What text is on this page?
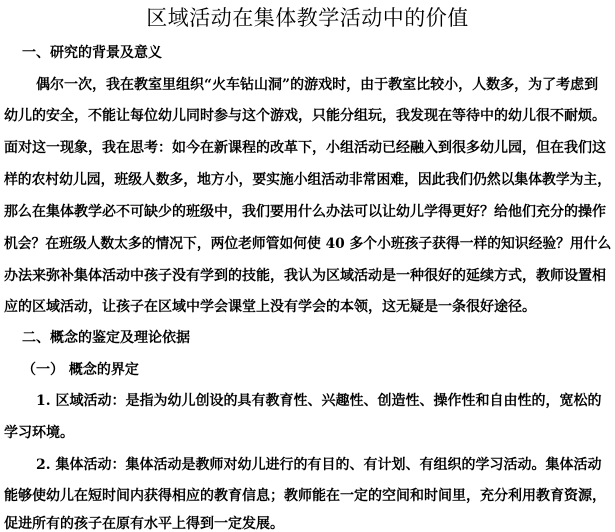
区域活动在集体教学活动中的价值
一、研究的背景及意义
偶尔一次，我在教室里组织“火车钻山洞”的游戏时，由于教室比较小，人数多，为了考虑到
幼儿的安全，不能让每位幼儿同时参与这个游戏，只能分组玩，我发现在等待中的幼儿很不耐烦。
面对这一现象，我在思考：如今在新课程的改革下，小组活动已经融入到很多幼儿园，但在我们这
样的农村幼儿园，班级人数多，地方小，要实施小组活动非常困难，因此我们仍然以集体教学为主，
那么在集体教学必不可缺少的班级中，我们要用什么办法可以让幼儿学得更好？给他们充分的操作
机会？在班级人数太多的情况下，两位老师管如何使 40 多个小班孩子获得一样的知识经验？用什么
办法来弥补集体活动中孩子没有学到的技能，我认为区域活动是一种很好的延续方式，教师设置相
应的区域活动，让孩子在区域中学会课堂上没有学会的本领，这无疑是一条很好途径。
二、概念的鉴定及理论依据
（一） 概念的界定
1. 区域活动：是指为幼儿创设的具有教育性、兴趣性、创造性、操作性和自由性的，宽松的
学习环境。
2. 集体活动：集体活动是教师对幼儿进行的有目的、有计划、有组织的学习活动。集体活动
能够使幼儿在短时间内获得相应的教育信息；教师能在一定的空间和时间里，充分利用教育资源，
促进所有的孩子在原有水平上得到一定发展。
